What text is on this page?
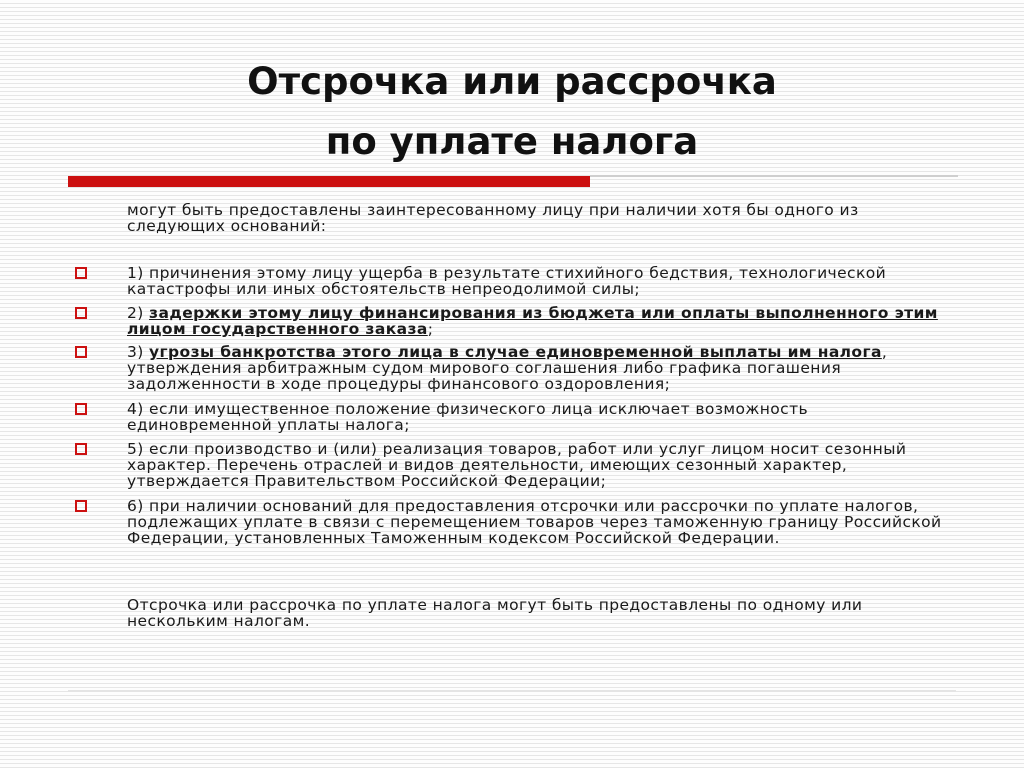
Отсрочка или рассрочка
по уплате налога
могут быть предоставлены заинтересованному лицу при наличии хотя бы одного из следующих оснований:
1) причинения этому лицу ущерба в результате стихийного бедствия, технологической катастрофы или иных обстоятельств непреодолимой силы;
2) задержки этому лицу финансирования из бюджета или оплаты выполненного этим лицом государственного заказа;
3) угрозы банкротства этого лица в случае единовременной выплаты им налога, утверждения арбитражным судом мирового соглашения либо графика погашения задолженности в ходе процедуры финансового оздоровления;
4) если имущественное положение физического лица исключает возможность единовременной уплаты налога;
5) если производство и (или) реализация товаров, работ или услуг лицом носит сезонный характер. Перечень отраслей и видов деятельности, имеющих сезонный характер, утверждается Правительством Российской Федерации;
6) при наличии оснований для предоставления отсрочки или рассрочки по уплате налогов, подлежащих уплате в связи с перемещением товаров через таможенную границу Российской Федерации, установленных Таможенным кодексом Российской Федерации.
Отсрочка или рассрочка по уплате налога могут быть предоставлены по одному или нескольким налогам.
